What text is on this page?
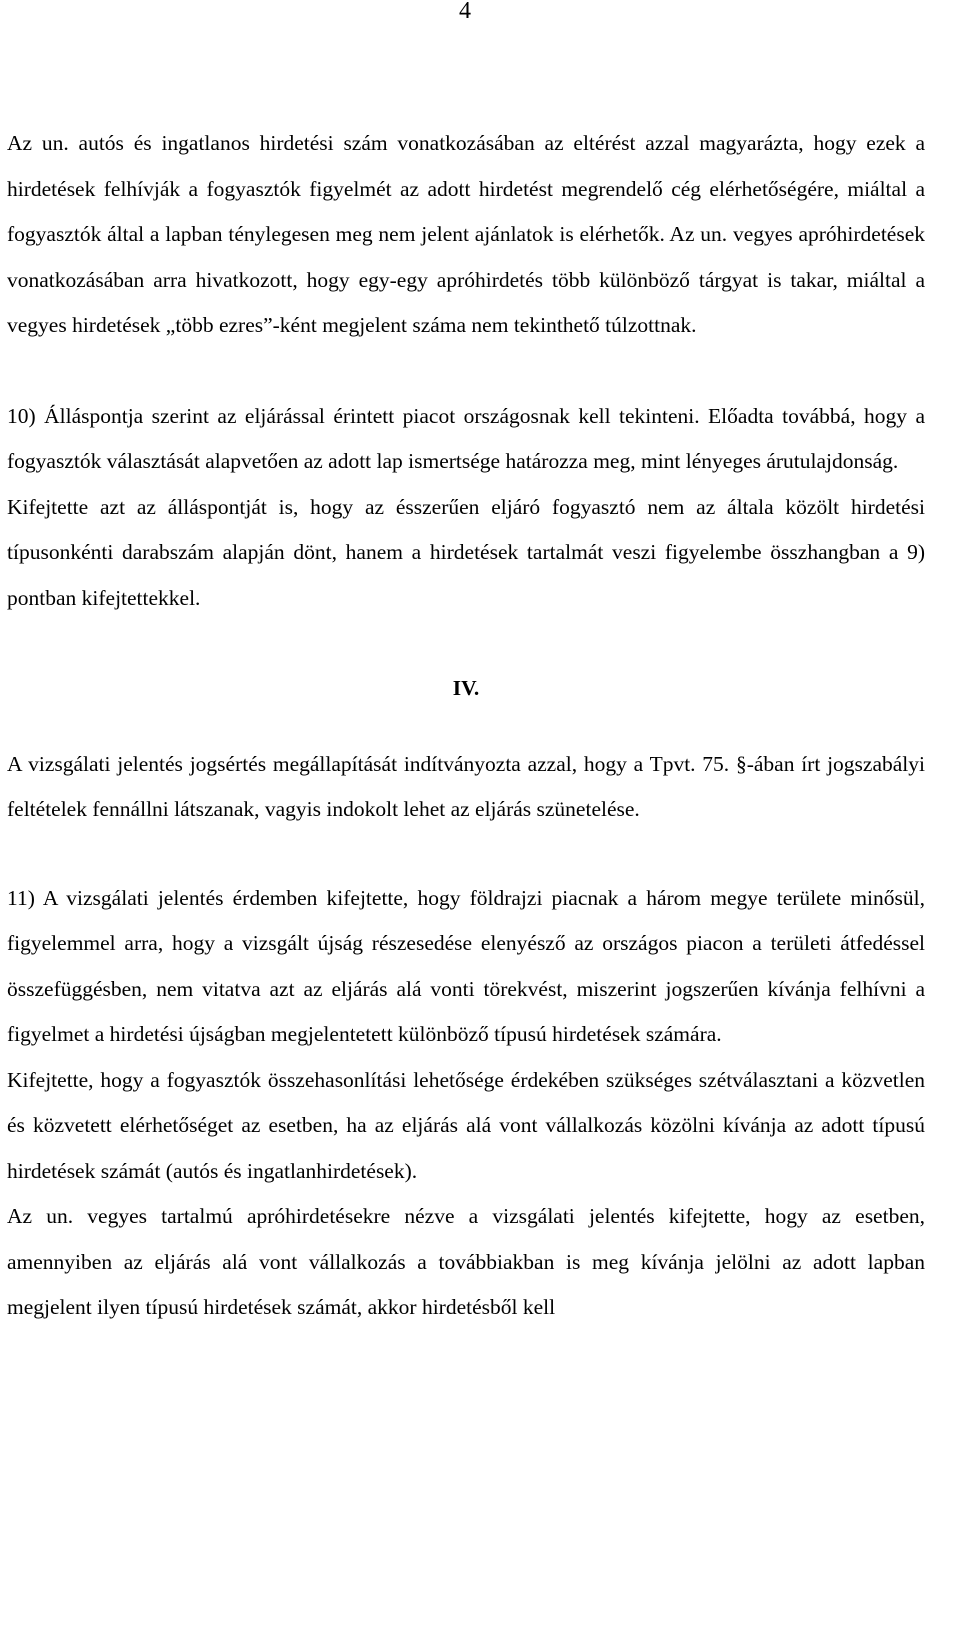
4

Az un. autós és ingatlanos hirdetési szám vonatkozásában az eltérést azzal magyarázta, hogy ezek a hirdetések felhívják a fogyasztók figyelmét az adott hirdetést megrendelő cég elérhetőségére, miáltal a fogyasztók által a lapban ténylegesen meg nem jelent ajánlatok is elérhetők. Az un. vegyes apróhirdetések vonatkozásában arra hivatkozott, hogy egy-egy apróhirdetés több különböző tárgyat is takar, miáltal a vegyes hirdetések „több ezres”-ként megjelent száma nem tekinthető túlzottnak.

10) Álláspontja szerint az eljárással érintett piacot országosnak kell tekinteni. Előadta továbbá, hogy a fogyasztók választását alapvetően az adott lap ismertsége határozza meg, mint lényeges árutulajdonság.

Kifejtette azt az álláspontját is, hogy az ésszerűen eljáró fogyasztó nem az általa közölt hirdetési típusonkénti darabszám alapján dönt, hanem a hirdetések tartalmát veszi figyelembe összhangban a 9) pontban kifejtettekkel.

IV.

A vizsgálati jelentés jogsértés megállapítását indítványozta azzal, hogy a Tpvt. 75. §-ában írt jogszabályi feltételek fennállni látszanak, vagyis indokolt lehet az eljárás szünetelése.

11) A vizsgálati jelentés érdemben kifejtette, hogy földrajzi piacnak a három megye területe minősül, figyelemmel arra, hogy a vizsgált újság részesedése elenyésző az országos piacon a területi átfedéssel összefüggésben, nem vitatva azt az eljárás alá vonti törekvést, miszerint jogszerűen kívánja felhívni a figyelmet a hirdetési újságban megjelentetett különböző típusú hirdetések számára.

Kifejtette, hogy a fogyasztók összehasonlítási lehetősége érdekében szükséges szétválasztani a közvetlen és közvetett elérhetőséget az esetben, ha az eljárás alá vont vállalkozás közölni kívánja az adott típusú hirdetések számát (autós és ingatlanhirdetések).

Az un. vegyes tartalmú apróhirdetésekre nézve a vizsgálati jelentés kifejtette, hogy az esetben, amennyiben az eljárás alá vont vállalkozás a továbbiakban is meg kívánja jelölni az adott lapban megjelent ilyen típusú hirdetések számát, akkor hirdetésből kell
